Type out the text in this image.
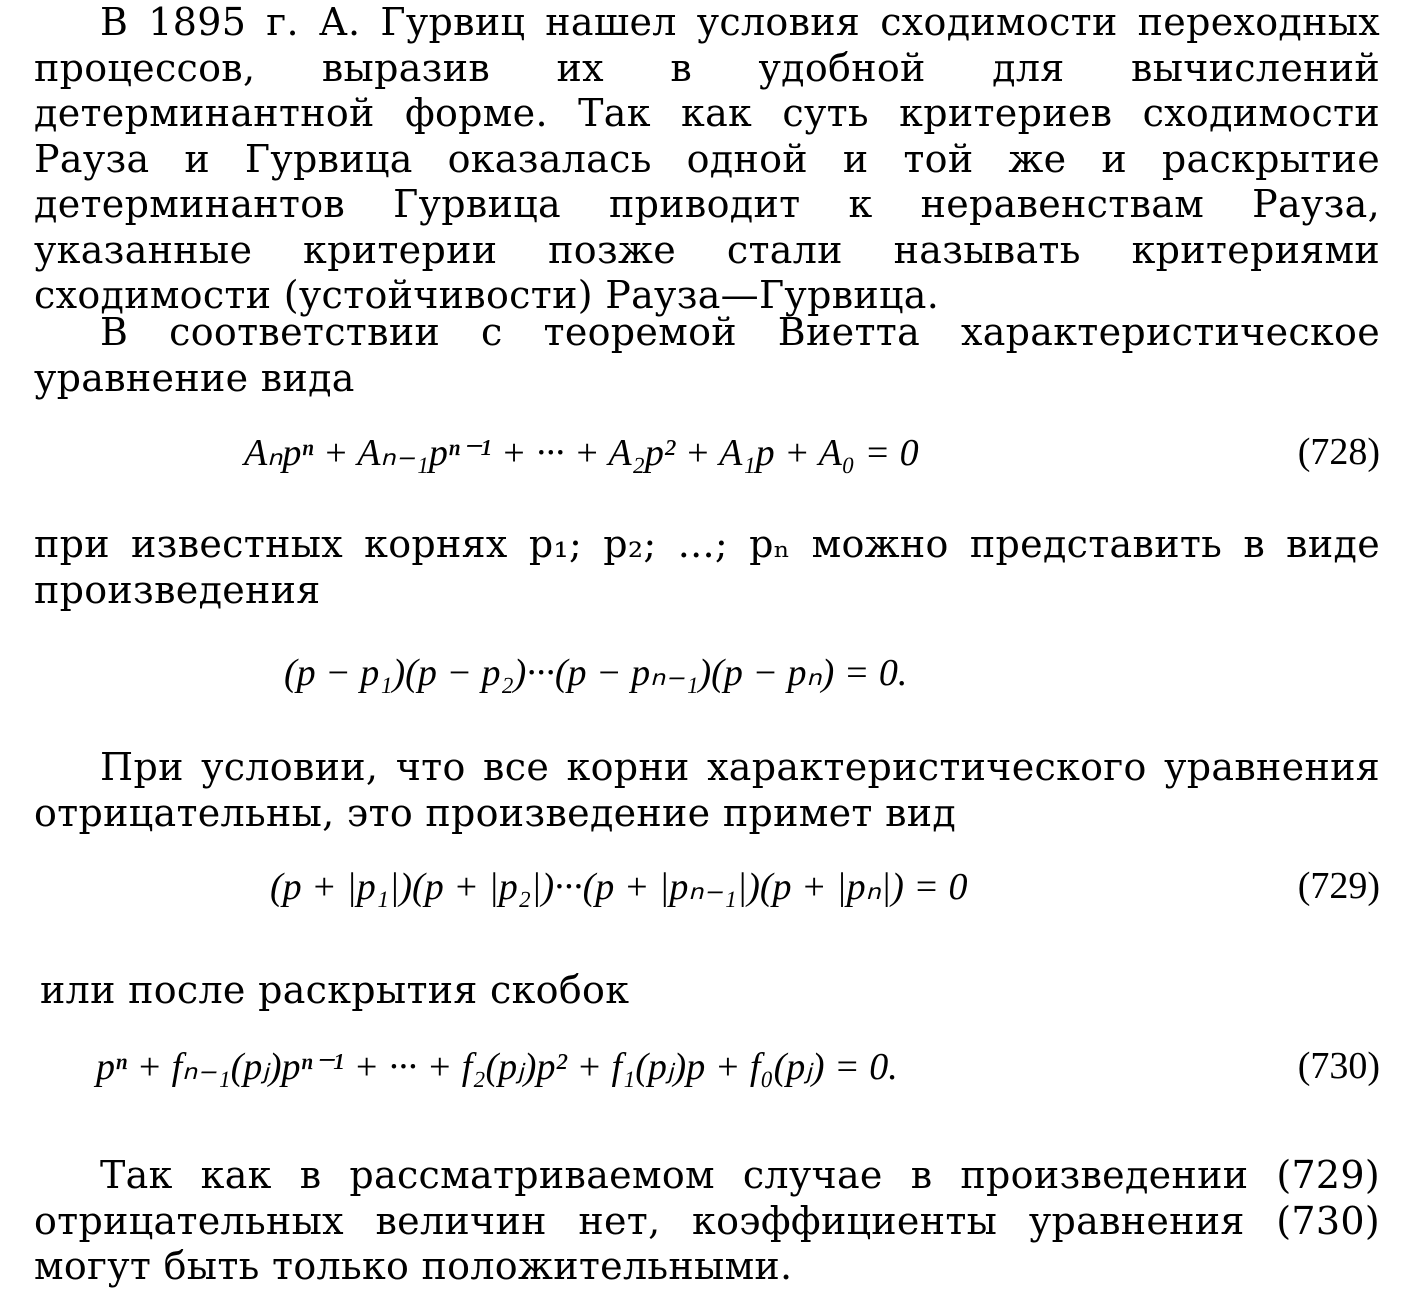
В 1895 г. А. Гурвиц нашел условия сходимости переходных процессов, выразив их в удобной для вычислений детерминантной форме. Так как суть критериев сходимости Рауза и Гурвица оказалась одной и той же и раскрытие детерминантов Гурвица приводит к неравенствам Рауза, указанные критерии позже стали называть критериями сходимости (устойчивости) Рауза—Гурвица.

В соответствии с теоремой Виетта характеристическое уравнение вида

Aₙpⁿ + Aₙ₋₁pⁿ⁻¹ + ··· + A₂p² + A₁p + A₀ = 0	(728)

при известных корнях p₁; p₂; ...; pₙ можно представить в виде произведения

(p − p₁)(p − p₂)···(p − pₙ₋₁)(p − pₙ) = 0.

При условии, что все корни характеристического уравнения отрицательны, это произведение примет вид

(p + |p₁|)(p + |p₂|)···(p + |pₙ₋₁|)(p + |pₙ|) = 0	(729)

или после раскрытия скобок

pⁿ + fₙ₋₁(pⱼ)pⁿ⁻¹ + ··· + f₂(pⱼ)p² + f₁(pⱼ)p + f₀(pⱼ) = 0.	(730)

Так как в рассматриваемом случае в произведении (729) отрицательных величин нет, коэффициенты уравнения (730) могут быть только положительными.
